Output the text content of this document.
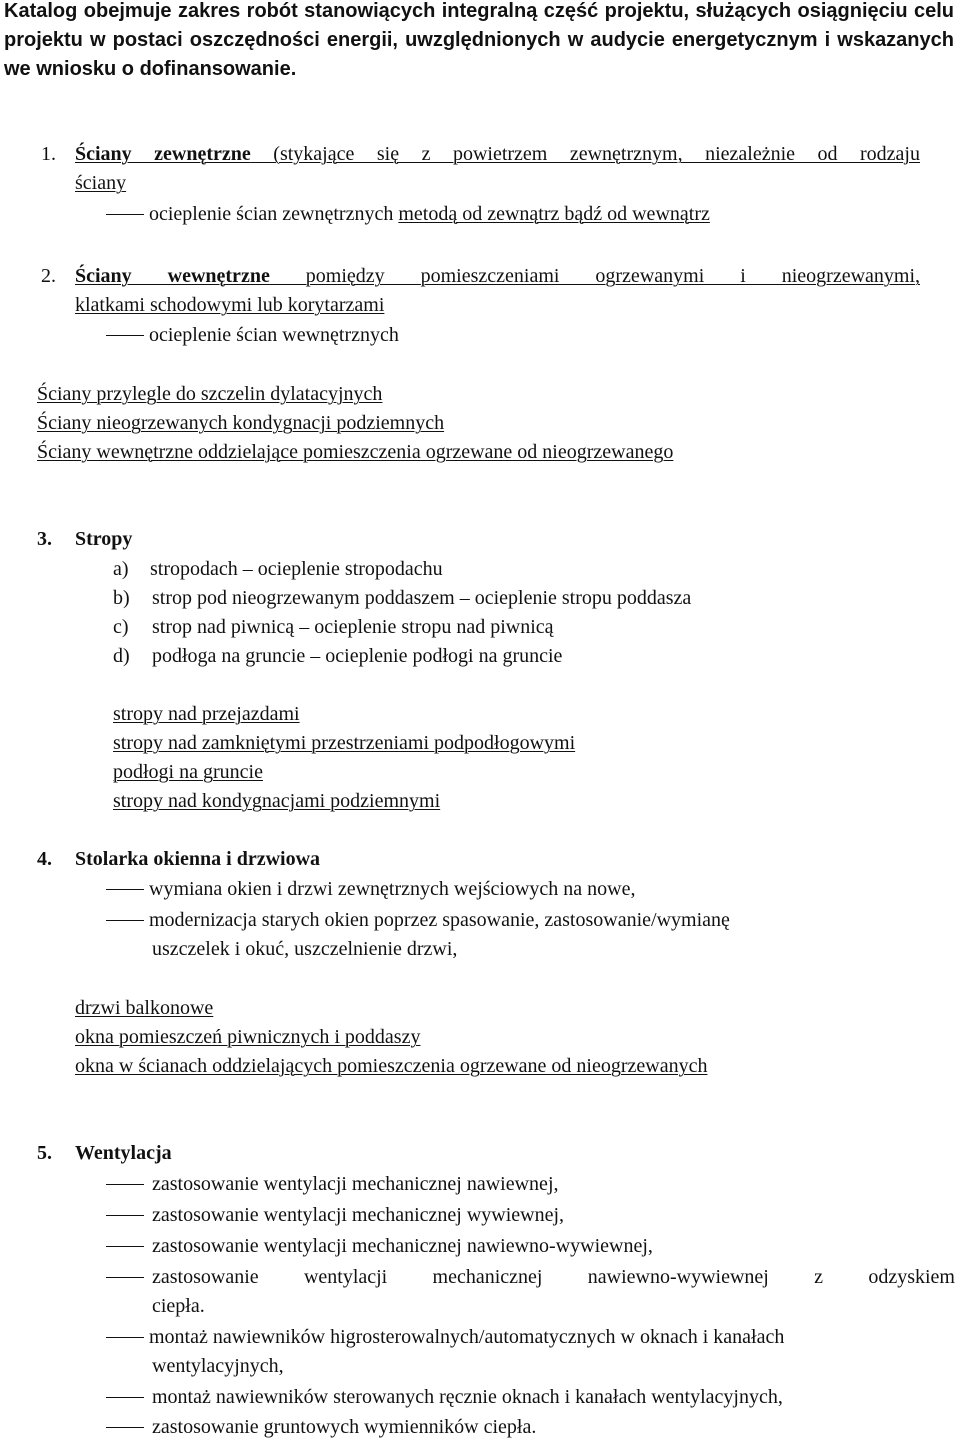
Katalog obejmuje zakres robót stanowiących integralną część projektu, służących osiągnięciu celu projektu w postaci oszczędności energii, uwzględnionych w audycie energetycznym i wskazanych we wniosku o dofinansowanie.
1. Ściany zewnętrzne (stykające się z powietrzem zewnętrznym, niezależnie od rodzaju
ściany
ocieplenie ścian zewnętrznych metodą od zewnątrz bądź od wewnątrz
2. Ściany wewnętrzne pomiędzy pomieszczeniami ogrzewanymi i nieogrzewanymi,
klatkami schodowymi lub korytarzami
ocieplenie ścian wewnętrznych
Ściany przylegle do szczelin dylatacyjnych
Ściany nieogrzewanych kondygnacji podziemnych
Ściany wewnętrzne oddzielające pomieszczenia ogrzewane od nieogrzewanego
3. Stropy
a) stropodach – ocieplenie stropodachu
b) strop pod nieogrzewanym poddaszem – ocieplenie stropu poddasza
c) strop nad piwnicą – ocieplenie stropu nad piwnicą
d) podłoga na gruncie – ocieplenie podłogi na gruncie
stropy nad przejazdami
stropy nad zamkniętymi przestrzeniami podpodłogowymi
podłogi na gruncie
stropy nad kondygnacjami podziemnymi
4. Stolarka okienna i drzwiowa
wymiana okien i drzwi zewnętrznych wejściowych na nowe,
modernizacja starych okien poprzez spasowanie, zastosowanie/wymianę
uszczelek i okuć, uszczelnienie drzwi,
drzwi balkonowe
okna pomieszczeń piwnicznych i poddaszy
okna w ścianach oddzielających pomieszczenia ogrzewane od nieogrzewanych
5. Wentylacja
zastosowanie wentylacji mechanicznej nawiewnej,
zastosowanie wentylacji mechanicznej wywiewnej,
zastosowanie wentylacji mechanicznej nawiewno-wywiewnej,
zastosowanie wentylacji mechanicznej nawiewno-wywiewnej z odzyskiem
ciepła.
montaż nawiewników higrosterowalnych/automatycznych w oknach i kanałach
wentylacyjnych,
montaż nawiewników sterowanych ręcznie oknach i kanałach wentylacyjnych,
zastosowanie gruntowych wymienników ciepła.
